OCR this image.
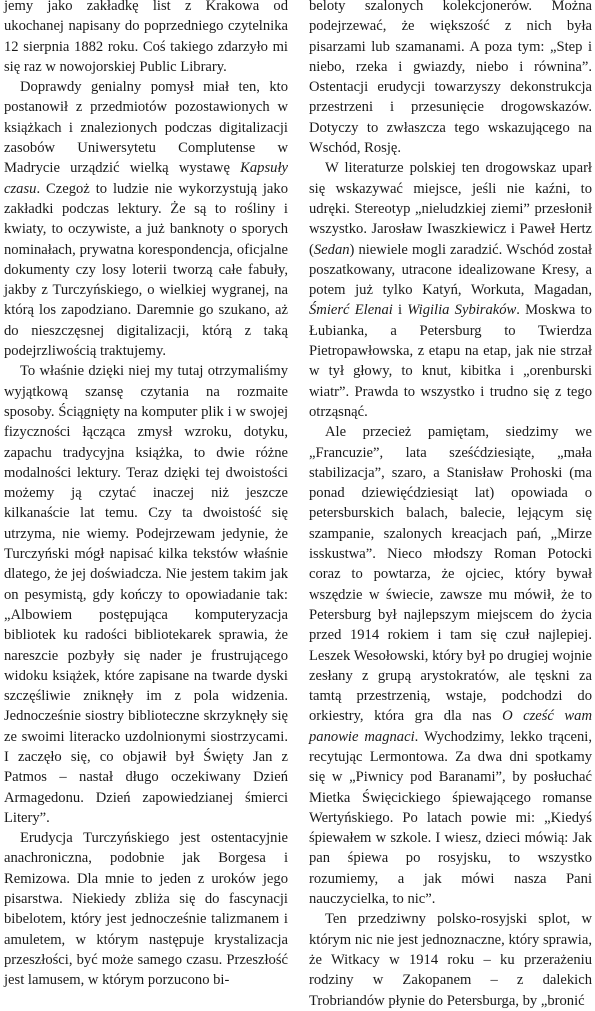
jemy jako zakładkę list z Krakowa od ukochanej napisany do poprzedniego czytelnika 12 sierpnia 1882 roku. Coś takiego zdarzyło mi się raz w nowojorskiej Public Library.

Doprawdy genialny pomysł miał ten, kto postanowił z przedmiotów pozostawionych w książkach i znalezionych podczas digitalizacji zasobów Uniwersytetu Complutense w Madrycie urządzić wielką wystawę Kapsuły czasu. Czegoż to ludzie nie wykorzystują jako zakładki podczas lektury. Że są to rośliny i kwiaty, to oczywiste, a już banknoty o sporych nominałach, prywatna korespondencja, oficjalne dokumenty czy losy loterii tworzą całe fabuły, jakby z Turczyńskiego, o wielkiej wygranej, na którą los zapodziano. Daremnie go szukano, aż do nieszczęsnej digitalizacji, którą z taką podejrzliwością traktujemy.

To właśnie dzięki niej my tutaj otrzymaliśmy wyjątkową szansę czytania na rozmaite sposoby. Ściągnięty na komputer plik i w swojej fizyczności łącząca zmysł wzroku, dotyku, zapachu tradycyjna książka, to dwie różne modalności lektury. Teraz dzięki tej dwoistości możemy ją czytać inaczej niż jeszcze kilkanaście lat temu. Czy ta dwoistość się utrzyma, nie wiemy. Podejrzewam jedynie, że Turczyński mógł napisać kilka tekstów właśnie dlatego, że jej doświadcza. Nie jestem takim jak on pesymistą, gdy kończy to opowiadanie tak: „Albowiem postępująca komputeryzacja bibliotek ku radości bibliotekarek sprawia, że nareszcie pozbyły się nader je frustrującego widoku książek, które zapisane na twarde dyski szczęśliwie zniknęły im z pola widzenia. Jednocześnie siostry biblioteczne skrzyknęły się ze swoimi literacko uzdolnionymi siostrzycami. I zaczęło się, co objawił był Święty Jan z Patmos – nastał długo oczekiwany Dzień Armagedonu. Dzień zapowiedzianej śmierci Litery”.

Erudycja Turczyńskiego jest ostentacyjnie anachroniczna, podobnie jak Borgesa i Remizowa. Dla mnie to jeden z uroków jego pisarstwa. Niekiedy zbliża się do fascynacji bibelotem, który jest jednocześnie talizmanem i amuletem, w którym następuje krystalizacja przeszłości, być może samego czasu. Przeszłość jest lamusem, w którym porzucono bi-

beloty szalonych kolekcjonerów. Można podejrzewać, że większość z nich była pisarzami lub szamanami. A poza tym: „Step i niebo, rzeka i gwiazdy, niebo i równina”. Ostentacji erudycji towarzyszy dekonstrukcja przestrzeni i przesunięcie drogowskazów. Dotyczy to zwłaszcza tego wskazującego na Wschód, Rosję.

W literaturze polskiej ten drogowskaz uparł się wskazywać miejsce, jeśli nie kaźni, to udręki. Stereotyp „nieludzkiej ziemi” przesłonił wszystko. Jarosław Iwaszkiewicz i Paweł Hertz (Sedan) niewiele mogli zaradzić. Wschód został poszatkowany, utracone idealizowane Kresy, a potem już tylko Katyń, Workuta, Magadan, Śmierć Elenai i Wigilia Sybiraków. Moskwa to Łubianka, a Petersburg to Twierdza Pietropawłowska, z etapu na etap, jak nie strzał w tył głowy, to knut, kibitka i „orenburski wiatr”. Prawda to wszystko i trudno się z tego otrząsnąć.

Ale przecież pamiętam, siedzimy we „Francuzie”, lata sześćdziesiąte, „mała stabilizacja”, szaro, a Stanisław Prohoski (ma ponad dziewięćdziesiąt lat) opowiada o petersburskich balach, balecie, lejącym się szampanie, szalonych kreacjach pań, „Mirze isskustwa”. Nieco młodszy Roman Potocki coraz to powtarza, że ojciec, który bywał wszędzie w świecie, zawsze mu mówił, że to Petersburg był najlepszym miejscem do życia przed 1914 rokiem i tam się czuł najlepiej. Leszek Wesołowski, który był po drugiej wojnie zesłany z grupą arystokratów, ale tęskni za tamtą przestrzenią, wstaje, podchodzi do orkiestry, która gra dla nas O cześć wam panowie magnaci. Wychodzimy, lekko trąceni, recytując Lermontowa. Za dwa dni spotkamy się w „Piwnicy pod Baranami”, by posłuchać Mietka Święcickiego śpiewającego romanse Wertyńskiego. Po latach powie mi: „Kiedyś śpiewałem w szkole. I wiesz, dzieci mówią: Jak pan śpiewa po rosyjsku, to wszystko rozumiemy, a jak mówi nasza Pani nauczycielka, to nic”.

Ten przedziwny polsko-rosyjski splot, w którym nic nie jest jednoznaczne, który sprawia, że Witkacy w 1914 roku – ku przerażeniu rodziny w Zakopanem – z dalekich Trobriandów płynie do Petersburga, by „bronić
